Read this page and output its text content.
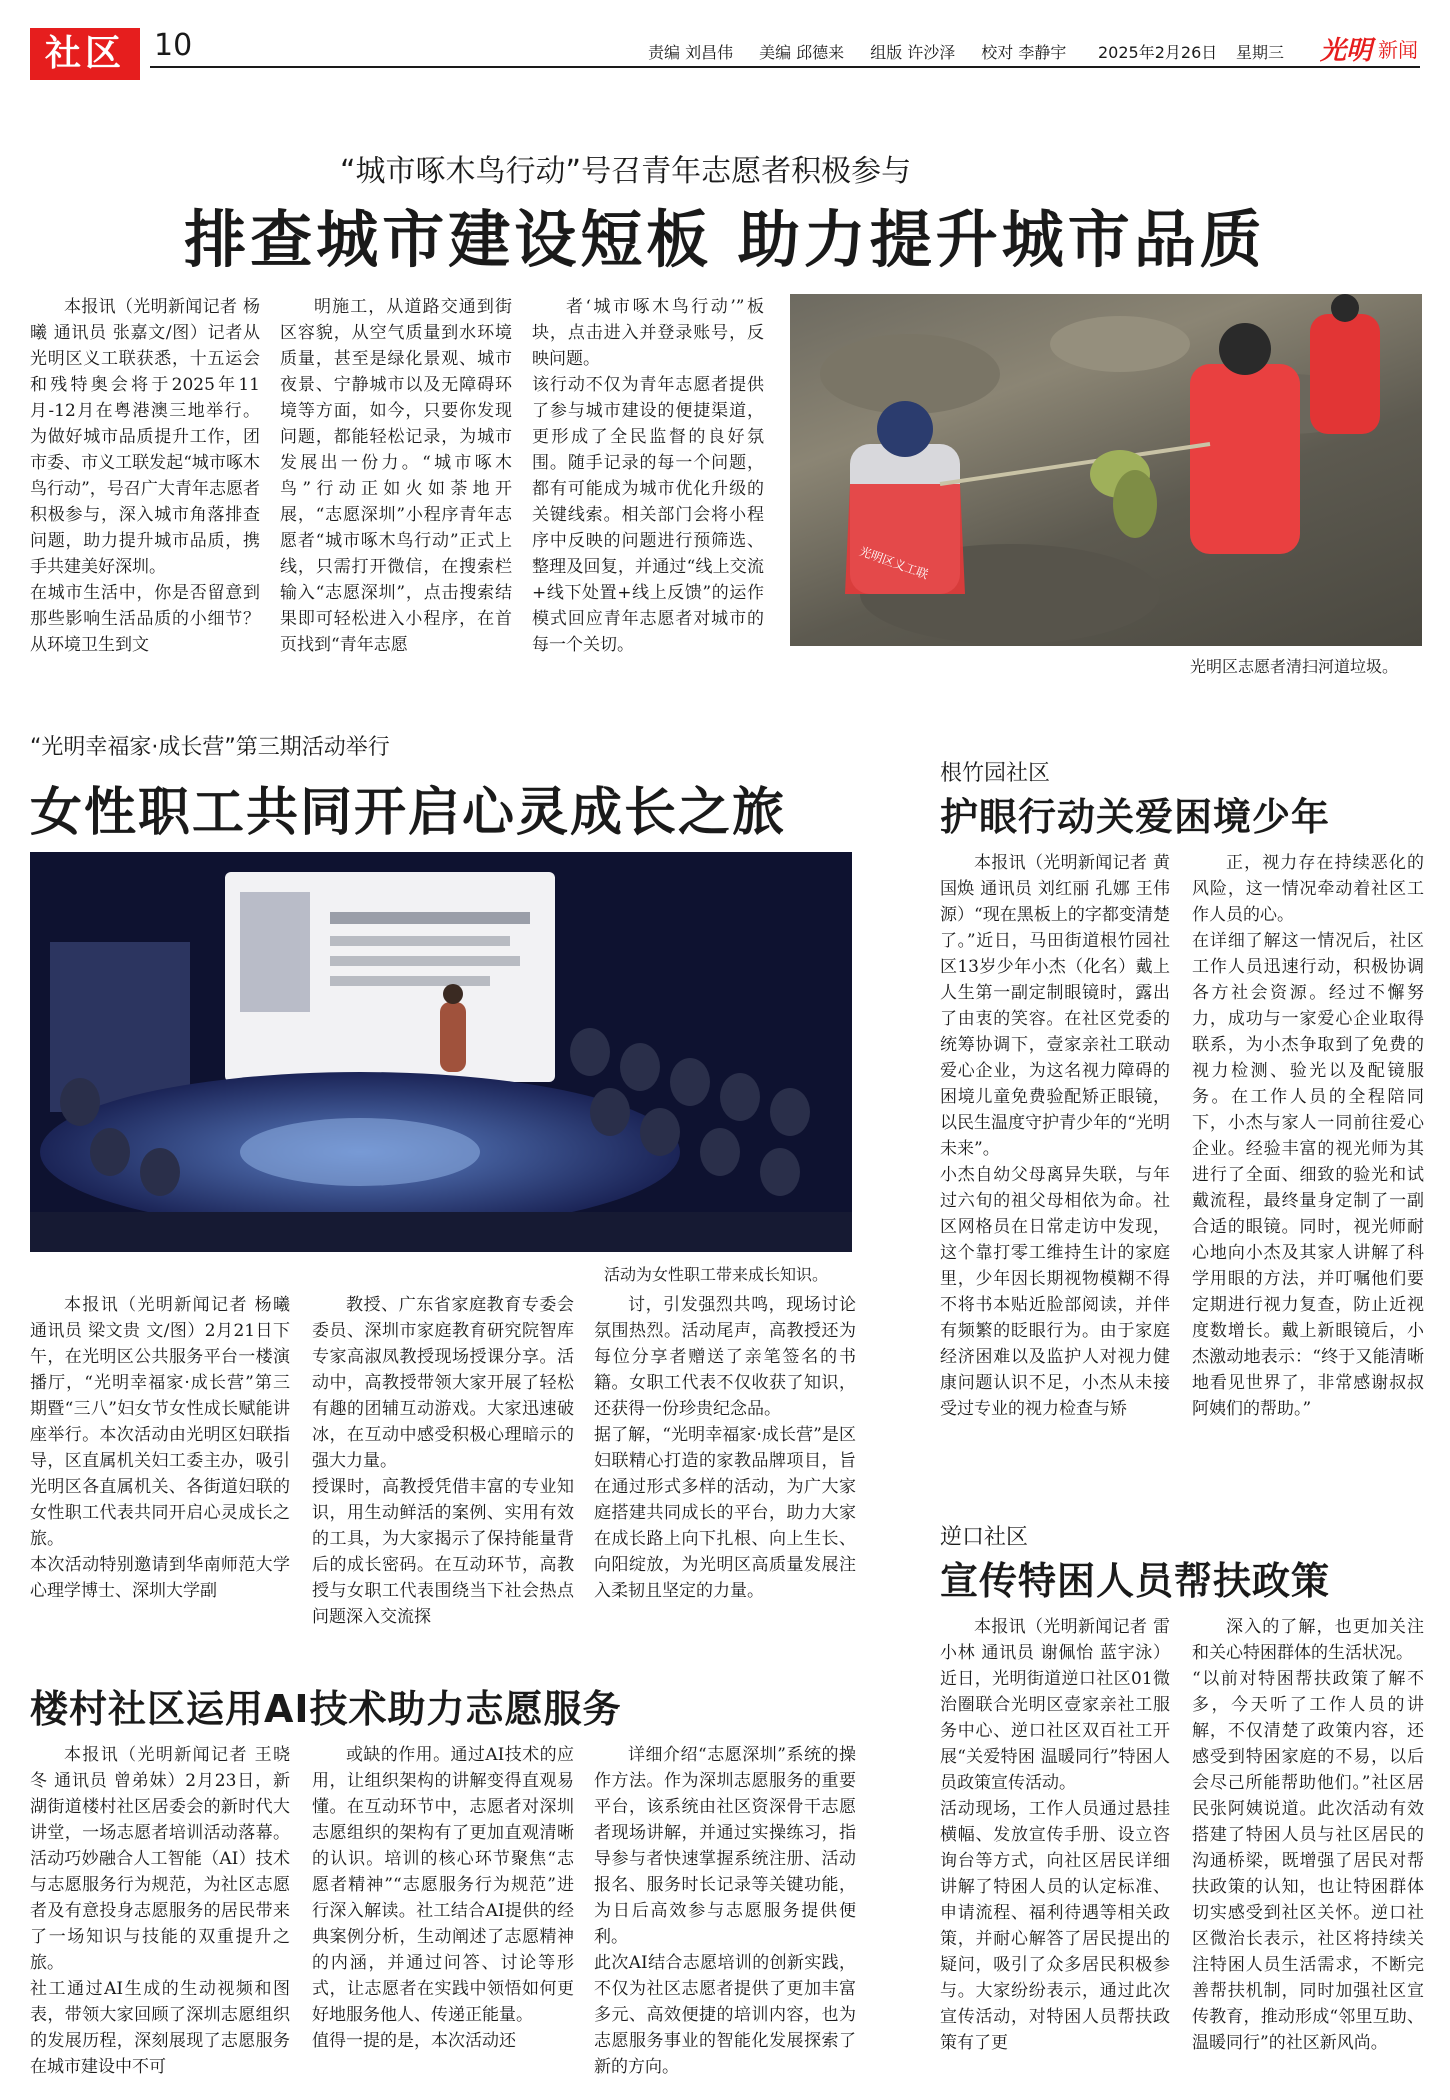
社区 10	责编 刘昌伟 美编 邱德来 组版 许沙泽 校对 李静宇 2025年2月26日 星期三 光明 新闻
“城市啄木鸟行动”号召青年志愿者积极参与
排查城市建设短板 助力提升城市品质
本报讯（光明新闻记者 杨曦 通讯员 张嘉文/图）记者从光明区义工联获悉，十五运会和残特奥会将于2025年11月-12月在粤港澳三地举行。为做好城市品质提升工作，团市委、市义工联发起“城市啄木鸟行动”，号召广大青年志愿者积极参与，深入城市角落排查问题，助力提升城市品质，携手共建美好深圳。
在城市生活中，你是否留意到那些影响生活品质的小细节？从环境卫生到文
明施工，从道路交通到街区容貌，从空气质量到水环境质量，甚至是绿化景观、城市夜景、宁静城市以及无障碍环境等方面，如今，只要你发现问题，都能轻松记录，为城市发展出一份力。“城市啄木鸟”行动正如火如荼地开展，“志愿深圳”小程序青年志愿者“城市啄木鸟行动”正式上线，只需打开微信，在搜索栏输入“志愿深圳”，点击搜索结果即可轻松进入小程序，在首页找到“青年志愿
者‘城市啄木鸟行动’”板块，点击进入并登录账号，反映问题。
该行动不仅为青年志愿者提供了参与城市建设的便捷渠道，更形成了全民监督的良好氛围。随手记录的每一个问题，都有可能成为城市优化升级的关键线索。相关部门会将小程序中反映的问题进行预筛选、整理及回复，并通过“线上交流+线下处置+线上反馈”的运作模式回应青年志愿者对城市的每一个关切。
光明区义工联
光明区志愿者清扫河道垃圾。
“光明幸福家·成长营”第三期活动举行
女性职工共同开启心灵成长之旅
活动为女性职工带来成长知识。
本报讯（光明新闻记者 杨曦 通讯员 梁文贵 文/图）2月21日下午，在光明区公共服务平台一楼演播厅，“光明幸福家·成长营”第三期暨“三八”妇女节女性成长赋能讲座举行。本次活动由光明区妇联指导，区直属机关妇工委主办，吸引光明区各直属机关、各街道妇联的女性职工代表共同开启心灵成长之旅。
本次活动特别邀请到华南师范大学心理学博士、深圳大学副
教授、广东省家庭教育专委会委员、深圳市家庭教育研究院智库专家高淑凤教授现场授课分享。活动中，高教授带领大家开展了轻松有趣的团辅互动游戏。大家迅速破冰，在互动中感受积极心理暗示的强大力量。
授课时，高教授凭借丰富的专业知识，用生动鲜活的案例、实用有效的工具，为大家揭示了保持能量背后的成长密码。在互动环节，高教授与女职工代表围绕当下社会热点问题深入交流探
讨，引发强烈共鸣，现场讨论氛围热烈。活动尾声，高教授还为每位分享者赠送了亲笔签名的书籍。女职工代表不仅收获了知识，还获得一份珍贵纪念品。
据了解，“光明幸福家·成长营”是区妇联精心打造的家教品牌项目，旨在通过形式多样的活动，为广大家庭搭建共同成长的平台，助力大家在成长路上向下扎根、向上生长、向阳绽放，为光明区高质量发展注入柔韧且坚定的力量。
楼村社区运用AI技术助力志愿服务
本报讯（光明新闻记者 王晓冬 通讯员 曾弟妹）2月23日，新湖街道楼村社区居委会的新时代大讲堂，一场志愿者培训活动落幕。活动巧妙融合人工智能（AI）技术与志愿服务行为规范，为社区志愿者及有意投身志愿服务的居民带来了一场知识与技能的双重提升之旅。
社工通过AI生成的生动视频和图表，带领大家回顾了深圳志愿组织的发展历程，深刻展现了志愿服务在城市建设中不可
或缺的作用。通过AI技术的应用，让组织架构的讲解变得直观易懂。在互动环节中，志愿者对深圳志愿组织的架构有了更加直观清晰的认识。培训的核心环节聚焦“志愿者精神”“志愿服务行为规范”进行深入解读。社工结合AI提供的经典案例分析，生动阐述了志愿精神的内涵，并通过问答、讨论等形式，让志愿者在实践中领悟如何更好地服务他人、传递正能量。
值得一提的是，本次活动还
详细介绍“志愿深圳”系统的操作方法。作为深圳志愿服务的重要平台，该系统由社区资深骨干志愿者现场讲解，并通过实操练习，指导参与者快速掌握系统注册、活动报名、服务时长记录等关键功能，为日后高效参与志愿服务提供便利。
此次AI结合志愿培训的创新实践，不仅为社区志愿者提供了更加丰富多元、高效便捷的培训内容，也为志愿服务事业的智能化发展探索了新的方向。
根竹园社区
护眼行动关爱困境少年
本报讯（光明新闻记者 黄国焕 通讯员 刘红丽 孔娜 王伟源）“现在黑板上的字都变清楚了。”近日，马田街道根竹园社区13岁少年小杰（化名）戴上人生第一副定制眼镜时，露出了由衷的笑容。在社区党委的统筹协调下，壹家亲社工联动爱心企业，为这名视力障碍的困境儿童免费验配矫正眼镜，以民生温度守护青少年的“光明未来”。
小杰自幼父母离异失联，与年过六旬的祖父母相依为命。社区网格员在日常走访中发现，这个靠打零工维持生计的家庭里，少年因长期视物模糊不得不将书本贴近脸部阅读，并伴有频繁的眨眼行为。由于家庭经济困难以及监护人对视力健康问题认识不足，小杰从未接受过专业的视力检查与矫
正，视力存在持续恶化的风险，这一情况牵动着社区工作人员的心。
在详细了解这一情况后，社区工作人员迅速行动，积极协调各方社会资源。经过不懈努力，成功与一家爱心企业取得联系，为小杰争取到了免费的视力检测、验光以及配镜服务。在工作人员的全程陪同下，小杰与家人一同前往爱心企业。经验丰富的视光师为其进行了全面、细致的验光和试戴流程，最终量身定制了一副合适的眼镜。同时，视光师耐心地向小杰及其家人讲解了科学用眼的方法，并叮嘱他们要定期进行视力复查，防止近视度数增长。戴上新眼镜后，小杰激动地表示：“终于又能清晰地看见世界了，非常感谢叔叔阿姨们的帮助。”
逆口社区
宣传特困人员帮扶政策
本报讯（光明新闻记者 雷小林 通讯员 谢佩怡 蓝宇泳）近日，光明街道逆口社区01微治圈联合光明区壹家亲社工服务中心、逆口社区双百社工开展“关爱特困 温暖同行”特困人员政策宣传活动。
活动现场，工作人员通过悬挂横幅、发放宣传手册、设立咨询台等方式，向社区居民详细讲解了特困人员的认定标准、申请流程、福利待遇等相关政策，并耐心解答了居民提出的疑问，吸引了众多居民积极参与。大家纷纷表示，通过此次宣传活动，对特困人员帮扶政策有了更
深入的了解，也更加关注和关心特困群体的生活状况。
“以前对特困帮扶政策了解不多，今天听了工作人员的讲解，不仅清楚了政策内容，还感受到特困家庭的不易，以后会尽己所能帮助他们。”社区居民张阿姨说道。此次活动有效搭建了特困人员与社区居民的沟通桥梁，既增强了居民对帮扶政策的认知，也让特困群体切实感受到社区关怀。逆口社区微治长表示，社区将持续关注特困人员生活需求，不断完善帮扶机制，同时加强社区宣传教育，推动形成“邻里互助、温暖同行”的社区新风尚。
